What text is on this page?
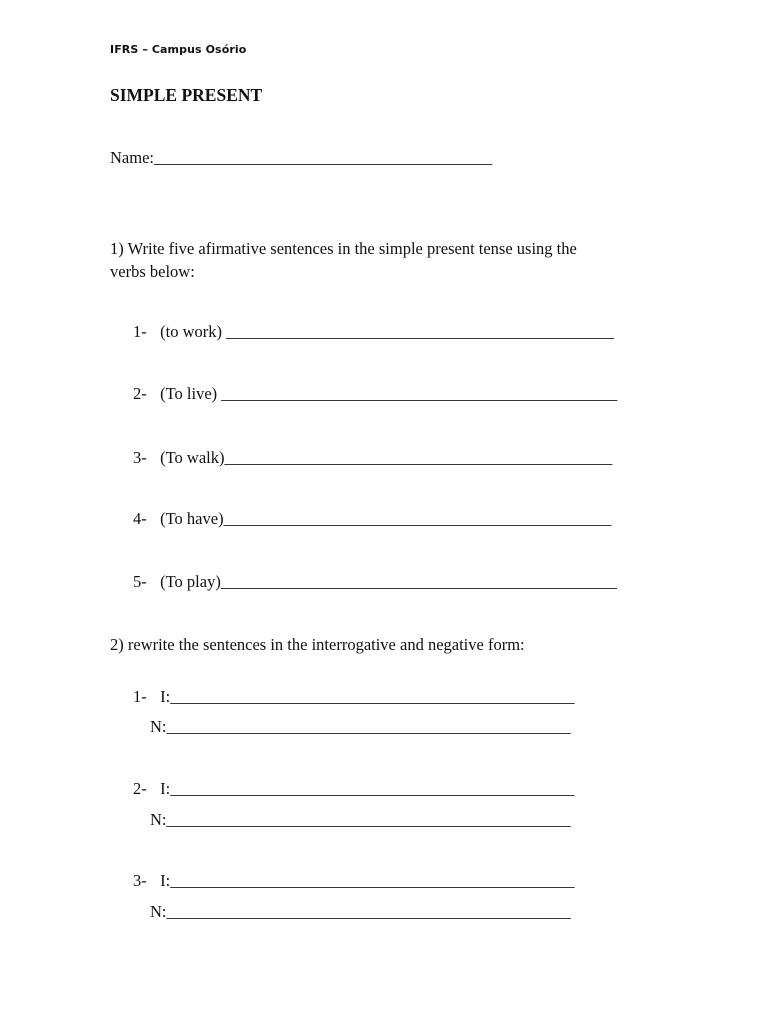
IFRS – Campus Osório
SIMPLE PRESENT
Name:_________________________________________
1) Write five afirmative sentences in the simple present tense using the
verbs below:
1- (to work) _______________________________________________
2- (To live) ________________________________________________
3- (To walk)_______________________________________________
4- (To have)_______________________________________________
5- (To play)________________________________________________
2) rewrite the sentences in the interrogative and negative form:
1- I:_________________________________________________
N:_________________________________________________
2- I:_________________________________________________
N:_________________________________________________
3- I:_________________________________________________
N:_________________________________________________
